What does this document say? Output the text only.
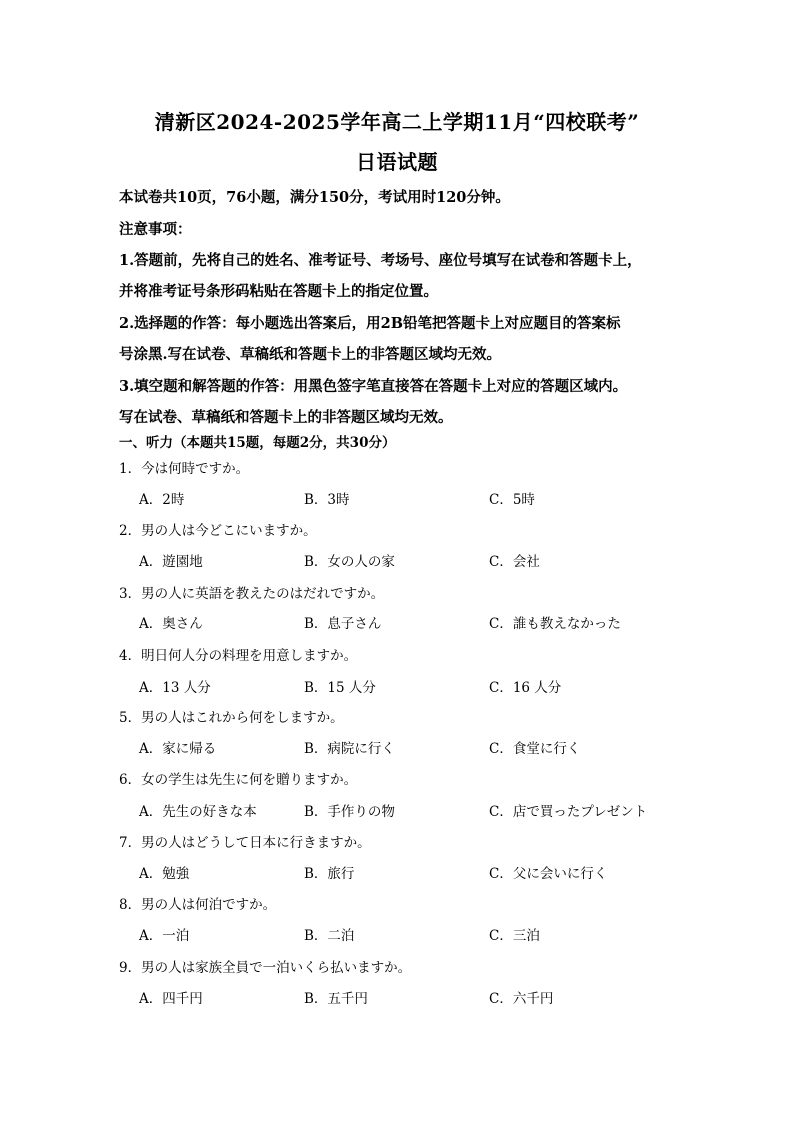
清新区2024-2025学年高二上学期11月“四校联考”
日语试题
本试卷共10页，76小题，满分150分，考试用时120分钟。
注意事项：
1.答题前，先将自己的姓名、准考证号、考场号、座位号填写在试卷和答题卡上，
并将准考证号条形码粘贴在答题卡上的指定位置。
2.选择题的作答：每小题选出答案后，用2B铅笔把答题卡上对应题目的答案标
号涂黑.写在试卷、草稿纸和答题卡上的非答题区域均无效。
3.填空题和解答题的作答：用黑色签字笔直接答在答题卡上对应的答题区域内。
写在试卷、草稿纸和答题卡上的非答题区域均无效。
一、听力（本题共15题，每题2分，共30分）
1．今は何時ですか。
A．2時	B．3時	C．5時
2．男の人は今どこにいますか。
A．遊園地	B．女の人の家	C．会社
3．男の人に英語を教えたのはだれですか。
A．奥さん	B．息子さん	C．誰も教えなかった
4．明日何人分の料理を用意しますか。
A．13 人分	B．15 人分	C．16 人分
5．男の人はこれから何をしますか。
A．家に帰る	B．病院に行く	C．食堂に行く
6．女の学生は先生に何を贈りますか。
A．先生の好きな本	B．手作りの物	C．店で買ったプレゼント
7．男の人はどうして日本に行きますか。
A．勉強	B．旅行	C．父に会いに行く
8．男の人は何泊ですか。
A．一泊	B．二泊	C．三泊
9．男の人は家族全員で一泊いくら払いますか。
A．四千円	B．五千円	C．六千円
